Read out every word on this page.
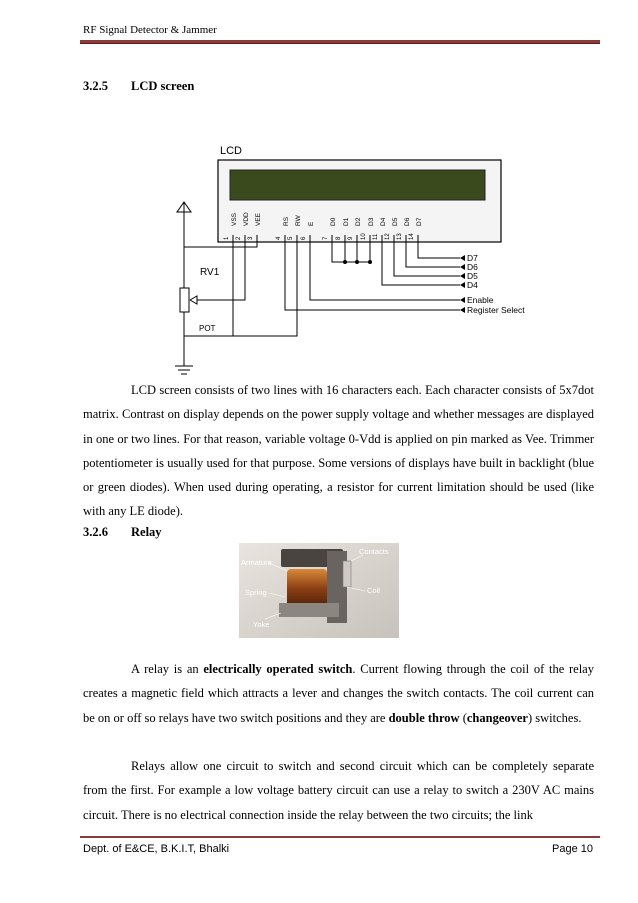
RF Signal Detector & Jammer
3.2.5 LCD screen
LCD
VSS VDD VEE	RS RW E D0 D1 D2 D3 D4 D5 D6 D7
1 2 3	4 5 6	7 8 9 10 11 12 13 14
RV1
POT
D7
D6
D5
D4
Enable
Register Select

LCD screen consists of two lines with 16 characters each. Each character consists of 5x7dot matrix. Contrast on display depends on the power supply voltage and whether messages are displayed in one or two lines. For that reason, variable voltage 0-Vdd is applied on pin marked as Vee. Trimmer potentiometer is usually used for that purpose. Some versions of displays have built in backlight (blue or green diodes). When used during operating, a resistor for current limitation should be used (like with any LE diode).

3.2.6 Relay
Armature
Contacts
Spring	Coil
Yoke

A relay is an electrically operated switch. Current flowing through the coil of the relay creates a magnetic field which attracts a lever and changes the switch contacts. The coil current can be on or off so relays have two switch positions and they are double throw (changeover) switches.

Relays allow one circuit to switch and second circuit which can be completely separate from the first. For example a low voltage battery circuit can use a relay to switch a 230V AC mains circuit. There is no electrical connection inside the relay between the two circuits; the link

Dept. of E&CE, B.K.I.T, Bhalki	Page 10
